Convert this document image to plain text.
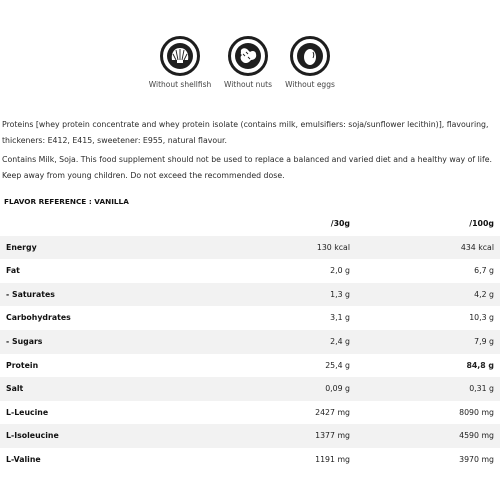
Without shellfish	Without nuts	Without eggs
Proteins [whey protein concentrate and whey protein isolate (contains milk, emulsifiers: soja/sunflower lecithin)], flavouring, thickeners: E412, E415, sweetener: E955, natural flavour.
Contains Milk, Soja. This food supplement should not be used to replace a balanced and varied diet and a healthy way of life. Keep away from young children. Do not exceed the recommended dose.
FLAVOR REFERENCE : VANILLA
/30g	/100g
Energy	130 kcal	434 kcal
Fat	2,0 g	6,7 g
- Saturates	1,3 g	4,2 g
Carbohydrates	3,1 g	10,3 g
- Sugars	2,4 g	7,9 g
Protein	25,4 g	84,8 g
Salt	0,09 g	0,31 g
L-Leucine	2427 mg	8090 mg
L-Isoleucine	1377 mg	4590 mg
L-Valine	1191 mg	3970 mg
